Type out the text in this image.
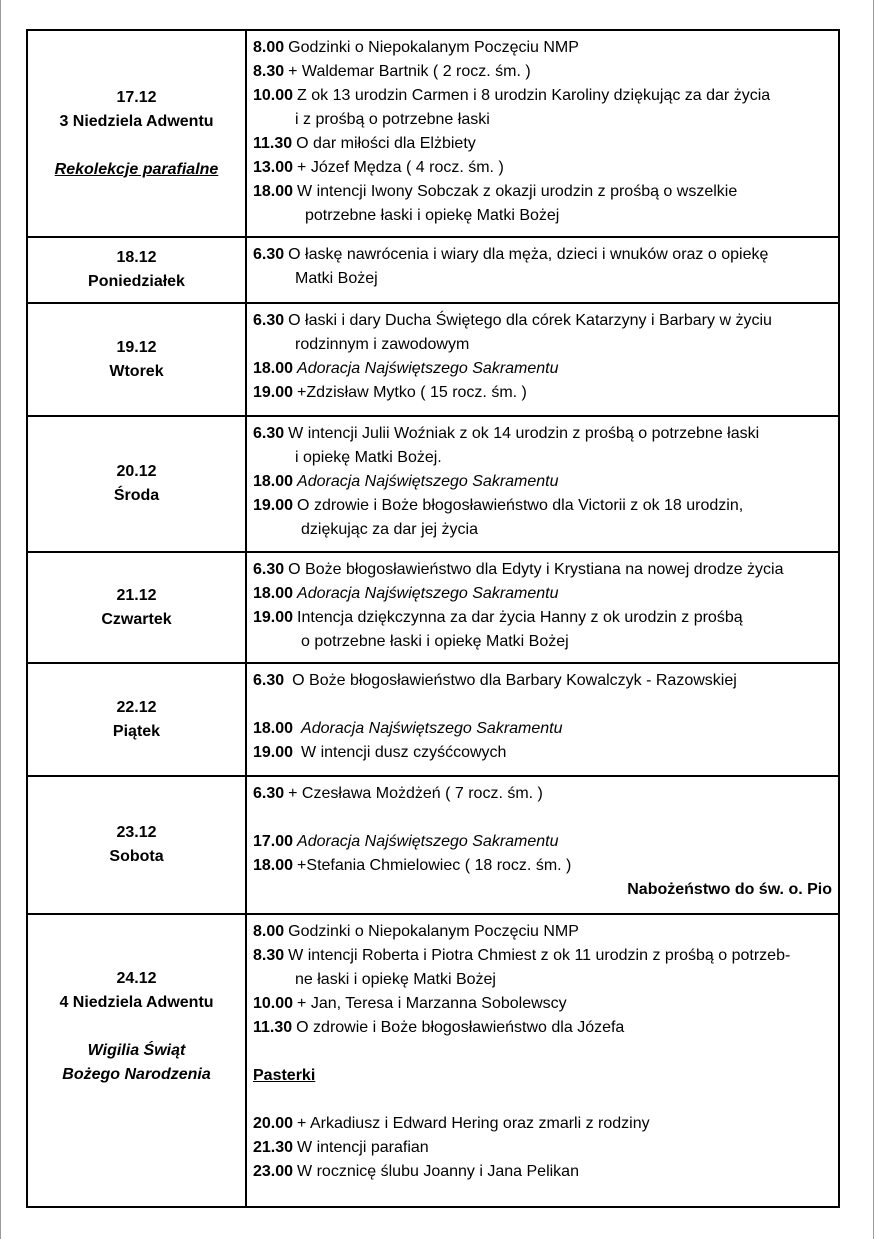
17.12
3 Niedziela Adwentu
Rekolekcje parafialne
8.00 Godzinki o Niepokalanym Poczęciu NMP
8.30 + Waldemar Bartnik ( 2 rocz. śm. )
10.00 Z ok 13 urodzin Carmen i 8 urodzin Karoliny dziękując za dar życia
i z prośbą o potrzebne łaski
11.30 O dar miłości dla Elżbiety
13.00 + Józef Mędza ( 4 rocz. śm. )
18.00 W intencji Iwony Sobczak z okazji urodzin z prośbą o wszelkie
potrzebne łaski i opiekę Matki Bożej
18.12
Poniedziałek
6.30 O łaskę nawrócenia i wiary dla męża, dzieci i wnuków oraz o opiekę
Matki Bożej
19.12
Wtorek
6.30 O łaski i dary Ducha Świętego dla córek Katarzyny i Barbary w życiu
rodzinnym i zawodowym
18.00 Adoracja Najświętszego Sakramentu
19.00 +Zdzisław Mytko ( 15 rocz. śm. )
20.12
Środa
6.30 W intencji Julii Woźniak z ok 14 urodzin z prośbą o potrzebne łaski
i opiekę Matki Bożej.
18.00 Adoracja Najświętszego Sakramentu
19.00 O zdrowie i Boże błogosławieństwo dla Victorii z ok 18 urodzin,
dziękując za dar jej życia
21.12
Czwartek
6.30 O Boże błogosławieństwo dla Edyty i Krystiana na nowej drodze życia
18.00 Adoracja Najświętszego Sakramentu
19.00 Intencja dziękczynna za dar życia Hanny z ok urodzin z prośbą
o potrzebne łaski i opiekę Matki Bożej
22.12
Piątek
6.30 O Boże błogosławieństwo dla Barbary Kowalczyk - Razowskiej
18.00 Adoracja Najświętszego Sakramentu
19.00 W intencji dusz czyśćcowych
23.12
Sobota
6.30 + Czesława Możdżeń ( 7 rocz. śm. )
17.00 Adoracja Najświętszego Sakramentu
18.00 +Stefania Chmielowiec ( 18 rocz. śm. )
Nabożeństwo do św. o. Pio
24.12
4 Niedziela Adwentu
Wigilia Świąt
Bożego Narodzenia
8.00 Godzinki o Niepokalanym Poczęciu NMP
8.30 W intencji Roberta i Piotra Chmiest z ok 11 urodzin z prośbą o potrzeb-
ne łaski i opiekę Matki Bożej
10.00 + Jan, Teresa i Marzanna Sobolewscy
11.30 O zdrowie i Boże błogosławieństwo dla Józefa
Pasterki
20.00 + Arkadiusz i Edward Hering oraz zmarli z rodziny
21.30 W intencji parafian
23.00 W rocznicę ślubu Joanny i Jana Pelikan
